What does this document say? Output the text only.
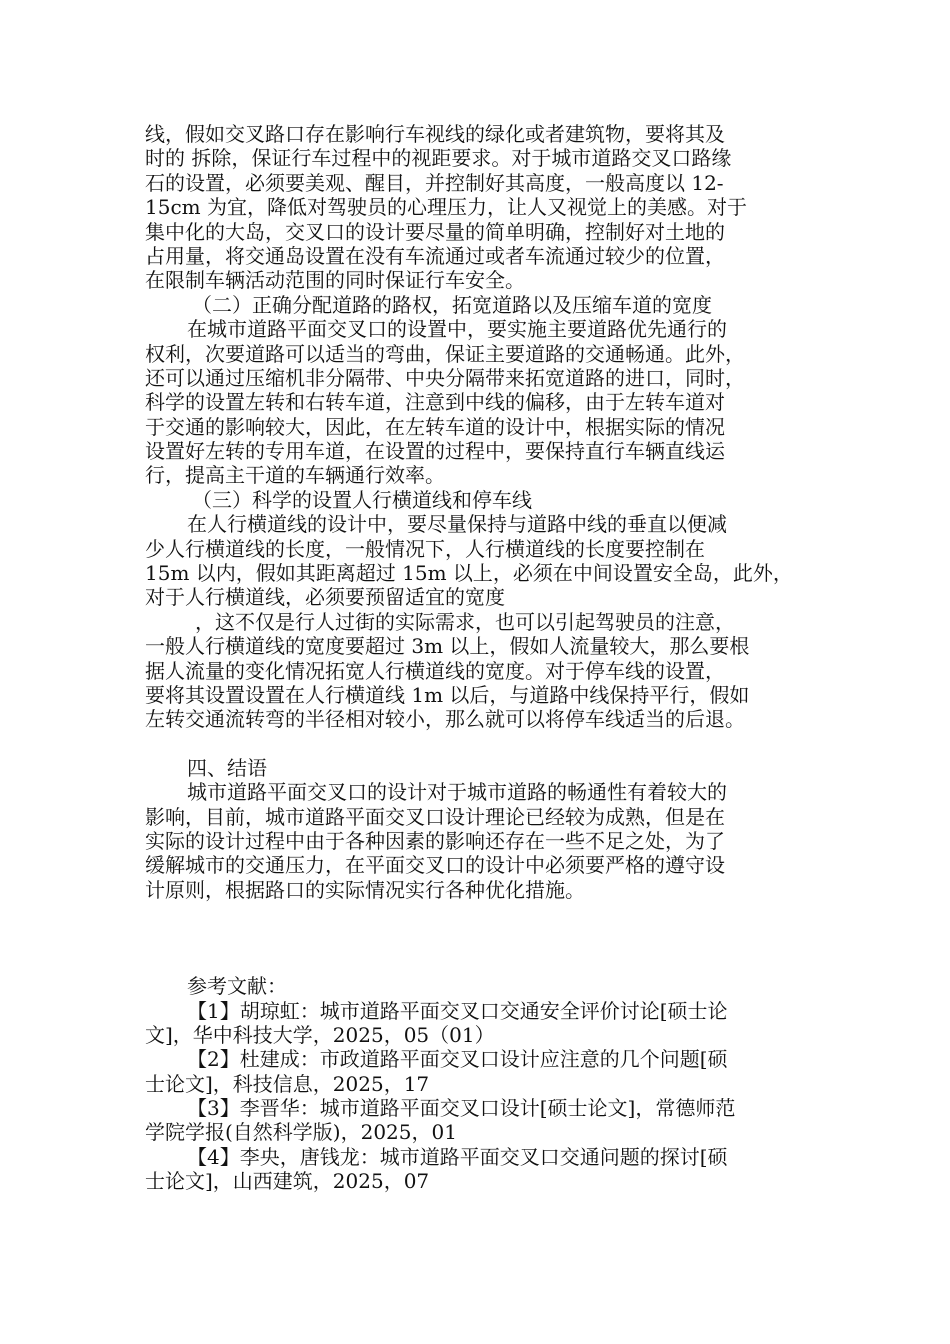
线，假如交叉路口存在影响行车视线的绿化或者建筑物，要将其及
时的 拆除，保证行车过程中的视距要求。对于城市道路交叉口路缘
石的设置，必须要美观、醒目，并控制好其高度，一般高度以 12-
15cm 为宜，降低对驾驶员的心理压力，让人又视觉上的美感。对于
集中化的大岛，交叉口的设计要尽量的简单明确，控制好对土地的
占用量，将交通岛设置在没有车流通过或者车流通过较少的位置，
在限制车辆活动范围的同时保证行车安全。
（二）正确分配道路的路权，拓宽道路以及压缩车道的宽度
在城市道路平面交叉口的设置中，要实施主要道路优先通行的
权利，次要道路可以适当的弯曲，保证主要道路的交通畅通。此外，
还可以通过压缩机非分隔带、中央分隔带来拓宽道路的进口，同时，
科学的设置左转和右转车道，注意到中线的偏移，由于左转车道对
于交通的影响较大，因此，在左转车道的设计中，根据实际的情况
设置好左转的专用车道，在设置的过程中，要保持直行车辆直线运
行，提高主干道的车辆通行效率。
（三）科学的设置人行横道线和停车线
在人行横道线的设计中，要尽量保持与道路中线的垂直以便减
少人行横道线的长度，一般情况下，人行横道线的长度要控制在
15m 以内，假如其距离超过 15m 以上，必须在中间设置安全岛，此外，
对于人行横道线，必须要预留适宜的宽度
，这不仅是行人过街的实际需求，也可以引起驾驶员的注意，
一般人行横道线的宽度要超过 3m 以上，假如人流量较大，那么要根
据人流量的变化情况拓宽人行横道线的宽度。对于停车线的设置，
要将其设置设置在人行横道线 1m 以后，与道路中线保持平行，假如
左转交通流转弯的半径相对较小，那么就可以将停车线适当的后退。
四、结语
城市道路平面交叉口的设计对于城市道路的畅通性有着较大的
影响，目前，城市道路平面交叉口设计理论已经较为成熟，但是在
实际的设计过程中由于各种因素的影响还存在一些不足之处，为了
缓解城市的交通压力，在平面交叉口的设计中必须要严格的遵守设
计原则，根据路口的实际情况实行各种优化措施。
参考文献：
【1】胡琼虹：城市道路平面交叉口交通安全评价讨论[硕士论
文]，华中科技大学，2025，05（01）
【2】杜建成：市政道路平面交叉口设计应注意的几个问题[硕
士论文]，科技信息，2025，17
【3】李晋华：城市道路平面交叉口设计[硕士论文]，常德师范
学院学报(自然科学版)，2025，01
【4】李央，唐钱龙：城市道路平面交叉口交通问题的探讨[硕
士论文]，山西建筑，2025，07
